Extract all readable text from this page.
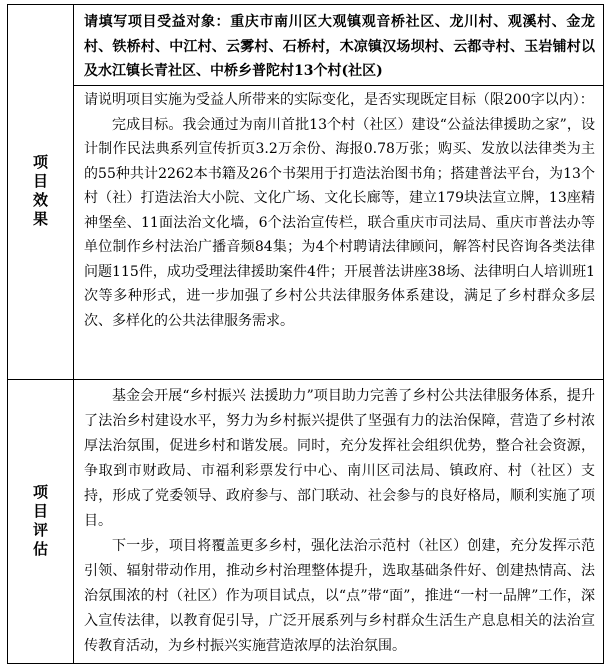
项目效果

请填写项目受益对象：重庆市南川区大观镇观音桥社区、龙川村、观溪村、金龙村、铁桥村、中江村、云雾村、石桥村，木凉镇汉场坝村、云都寺村、玉岩铺村以及水江镇长青社区、中桥乡普陀村13个村(社区)

请说明项目实施为受益人所带来的实际变化，是否实现既定目标（限200字以内）：

完成目标。我会通过为南川首批13个村（社区）建设“公益法律援助之家”，设计制作民法典系列宣传折页3.2万余份、海报0.78万张；购买、发放以法律类为主的55种共计2262本书籍及26个书架用于打造法治图书角；搭建普法平台，为13个村（社）打造法治大小院、文化广场、文化长廊等，建立179块法宣立牌，13座精神堡垒、11面法治文化墙，6个法治宣传栏，联合重庆市司法局、重庆市普法办等单位制作乡村法治广播音频84集；为4个村聘请法律顾问，解答村民咨询各类法律问题115件，成功受理法律援助案件4件；开展普法讲座38场、法律明白人培训班1次等多种形式，进一步加强了乡村公共法律服务体系建设，满足了乡村群众多层次、多样化的公共法律服务需求。

项目评估

基金会开展“乡村振兴 法援助力”项目助力完善了乡村公共法律服务体系，提升了法治乡村建设水平，努力为乡村振兴提供了坚强有力的法治保障，营造了乡村浓厚法治氛围，促进乡村和谐发展。同时，充分发挥社会组织优势，整合社会资源，争取到市财政局、市福利彩票发行中心、南川区司法局、镇政府、村（社区）支持，形成了党委领导、政府参与、部门联动、社会参与的良好格局，顺利实施了项目。

下一步，项目将覆盖更多乡村，强化法治示范村（社区）创建，充分发挥示范引领、辐射带动作用，推动乡村治理整体提升，选取基础条件好、创建热情高、法治氛围浓的村（社区）作为项目试点，以“点”带“面”，推进“一村一品牌”工作，深入宣传法律，以教育促引导，广泛开展系列与乡村群众生活生产息息相关的法治宣传教育活动，为乡村振兴实施营造浓厚的法治氛围。
